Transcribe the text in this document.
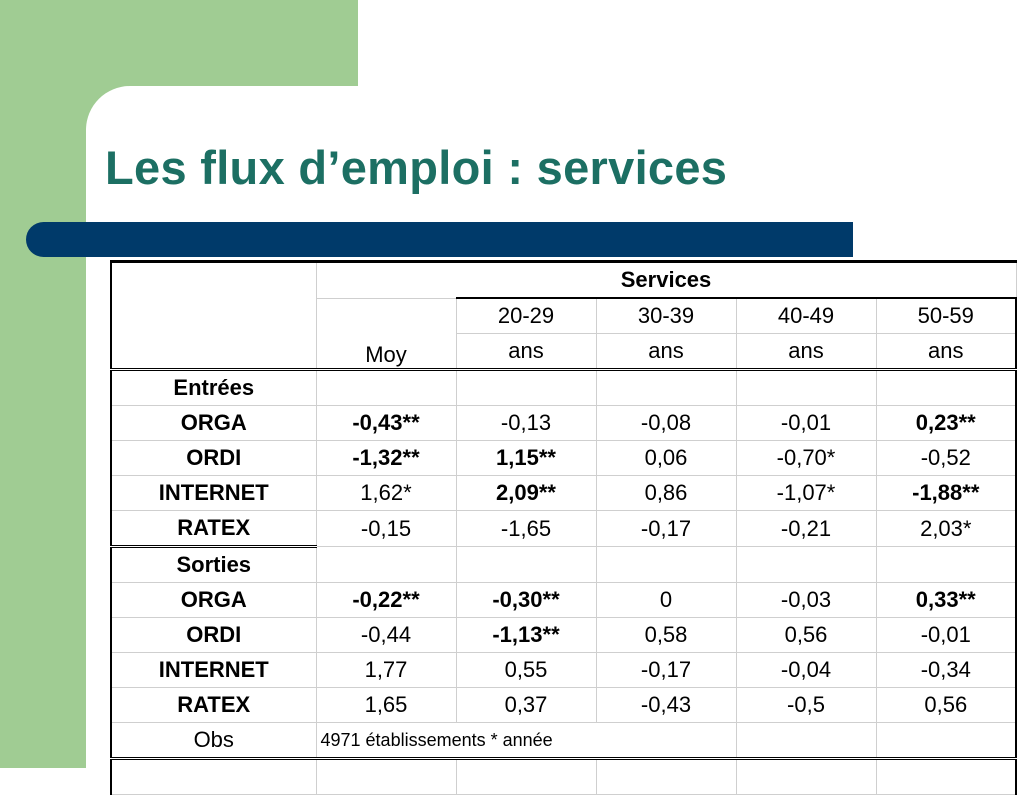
Les flux d’emploi : services
	Services				
	Moy	20-29	30-39	40-49	50-59
		ans	ans	ans	ans
Entrées					
ORGA	-0,43**	-0,13	-0,08	-0,01	0,23**
ORDI	-1,32**	1,15**	0,06	-0,70*	-0,52
INTERNET	1,62*	2,09**	0,86	-1,07*	-1,88**
RATEX	-0,15	-1,65	-0,17	-0,21	2,03*
Sorties					
ORGA	-0,22**	-0,30**	0	-0,03	0,33**
ORDI	-0,44	-1,13**	0,58	0,56	-0,01
INTERNET	1,77	0,55	-0,17	-0,04	-0,34
RATEX	1,65	0,37	-0,43	-0,5	0,56
Obs	4971 établissements * année				
